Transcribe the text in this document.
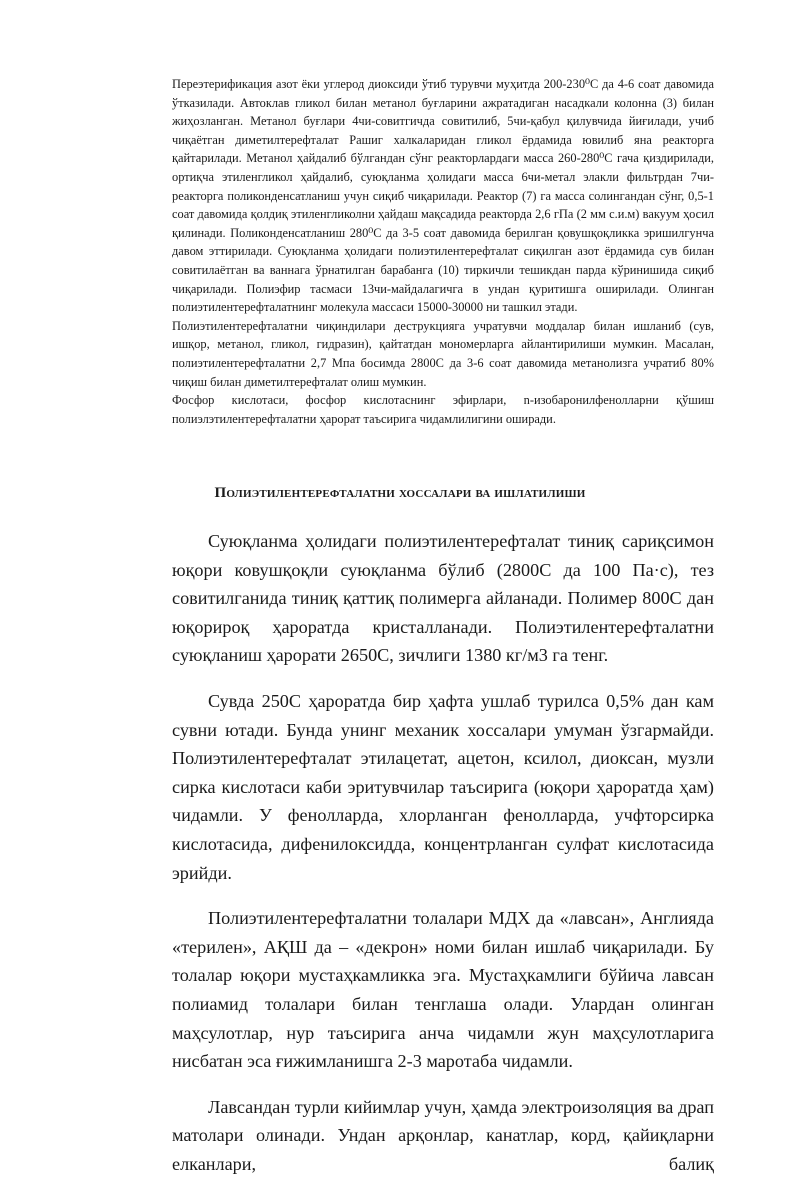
Переэтерификация азот ёки углерод диоксиди ўтиб турувчи муҳитда 200-230⁰С да 4-6 соат давомида ўтказилади. Автоклав гликол билан метанол буғларини ажратадиган насадкали колонна (3) билан жиҳозланган. Метанол буғлари 4чи-совитгичда совитилиб, 5чи-қабул қилувчида йиғилади, учиб чиқаётган диметилтерефталат Рашиг халкаларидан гликол ёрдамида ювилиб яна реакторга қайтарилади. Метанол ҳайдалиб бўлгандан сўнг реакторлардаги масса 260-280⁰С гача қиздирилади, ортиқча этиленгликол ҳайдалиб, суюқланма ҳолидаги масса 6чи-метал элакли фильтрдан 7чи-реакторга поликонденсатланиш учун сиқиб чиқарилади. Реактор (7) га масса солингандан сўнг, 0,5-1 соат давомида қолдиқ этиленгликолни ҳайдаш мақсадида реакторда 2,6 гПа (2 мм с.и.м) вакуум ҳосил қилинади. Поликонденсатланиш 280⁰С да 3-5 соат давомида берилган қовушқоқликка эришилгунча давом эттирилади. Суюқланма ҳолидаги полиэтилентерефталат сиқилган азот ёрдамида сув билан совитилаётган ва ваннага ўрнатилган барабанга (10) тиркичли тешикдан парда кўринишида сиқиб чиқарилади. Полиэфир тасмаси 13чи-майдалагичга в ундан қуритишга оширилади. Олинган полиэтилентерефталатнинг молекула массаси 15000-30000 ни ташкил этади.

Полиэтилентерефталатни чиқиндилари деструкцияга учратувчи моддалар билан ишланиб (сув, ишқор, метанол, гликол, гидразин), қайтатдан мономерларга айлантирилиши мумкин. Масалан, полиэтилентерефталатни 2,7 Мпа босимда 2800С да 3-6 соат давомида метанолизга учратиб 80% чиқиш билан диметилтерефталат олиш мумкин.

Фосфор кислотаси, фосфор кислотаснинг эфирлари, n-изобаронилфенолларни қўшиш полиэлэтилентерефталатни ҳарорат таъсирига чидамлилигини оширади.

Полиэтилентерефталатни хоссалари ва ишлатилиши

Суюқланма ҳолидаги полиэтилентерефталат тиниқ сариқсимон юқори ковушқоқли суюқланма бўлиб (2800С да 100 Па·с), тез совитилганида тиниқ қаттиқ полимерга айланади. Полимер 800С дан юқорироқ ҳароратда кристалланади. Полиэтилентерефталатни суюқланиш ҳарорати 2650С, зичлиги 1380 кг/м3 га тенг.

Сувда 250С ҳароратда бир ҳафта ушлаб турилса 0,5% дан кам сувни ютади. Бунда унинг механик хоссалари умуман ўзгармайди. Полиэтилентерефталат этилацетат, ацетон, ксилол, диоксан, музли сирка кислотаси каби эритувчилар таъсирига (юқори ҳароратда ҳам) чидамли. У фенолларда, хлорланган фенолларда, учфторсирка кислотасида, дифенилоксидда, концентрланган сулфат кислотасида эрийди.

Полиэтилентерефталатни толалари МДХ да «лавсан», Англияда «терилен», АҚШ да – «декрон» номи билан ишлаб чиқарилади. Бу толалар юқори мустаҳкамликка эга. Мустаҳкамлиги бўйича лавсан полиамид толалари билан тенглаша олади. Улардан олинган маҳсулотлар, нур таъсирига анча чидамли жун маҳсулотларига нисбатан эса ғижимланишга 2-3 маротаба чидамли.

Лавсандан турли кийимлар учун, ҳамда электроизоляция ва драп матолари олинади. Ундан арқонлар, канатлар, корд, қайиқларни елканлари, балиқ
